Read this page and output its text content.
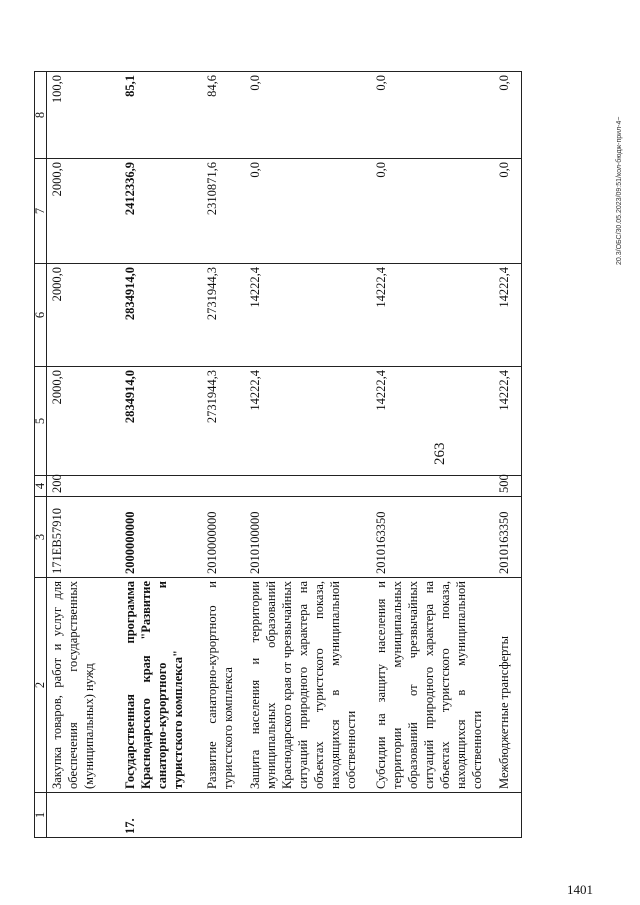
263
1	2	3	4	5	6	7	8
	Закупка товаров, работ и услуг для обеспечения государственных (муниципальных) нужд	171ЕВ57910	200	2000,0	2000,0	2000,0	100,0
17.	Государственная программа Краснодарского края "Развитие санаторно-курортного и туристского комплекса"	2000000000		2834914,0	2834914,0	2412336,9	85,1
	Развитие санаторно-курортного и туристского комплекса	2010000000		2731944,3	2731944,3	2310871,6	84,6
	Защита населения и территории муниципальных образований Краснодарского края от чрезвычайных ситуаций природного характера на объектах туристского показа, находящихся в муниципальной собственности	2010100000		14222,4	14222,4	0,0	0,0
	Субсидии на защиту населения и территории муниципальных образований от чрезвычайных ситуаций природного характера на объектах туристского показа, находящихся в муниципальной собственности	2010163350		14222,4	14222,4	0,0	0,0
	Межбюджетные трансферты	2010163350	500	14222,4	14222,4	0,0	0,0
20.3/ОБС/30.05.2023/09:51/кол-бюдж-прил-4~
1401
